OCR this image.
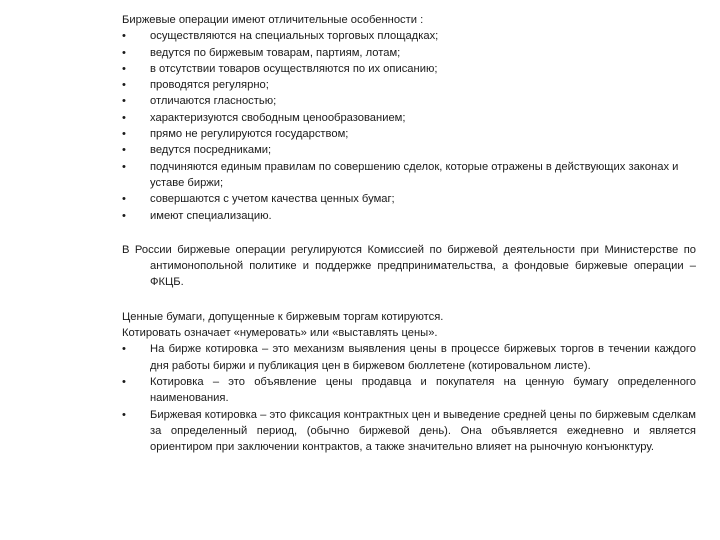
Биржевые операции имеют отличительные особенности :
• осуществляются на специальных торговых площадках;
• ведутся по биржевым товарам, партиям, лотам;
• в отсутствии товаров осуществляются по их описанию;
• проводятся регулярно;
• отличаются гласностью;
• характеризуются свободным ценообразованием;
• прямо не регулируются государством;
• ведутся посредниками;
• подчиняются единым правилам по совершению сделок, которые отражены в действующих законах и уставе биржи;
• совершаются с учетом качества ценных бумаг;
• имеют специализацию.

В России биржевые операции регулируются Комиссией по биржевой деятельности при Министерстве по антимонопольной политике и поддержке предпринимательства, а фондовые биржевые операции – ФКЦБ.

Ценные бумаги, допущенные к биржевым торгам котируются.
Котировать означает «нумеровать» или «выставлять цены».
• На бирже котировка – это механизм выявления цены в процессе биржевых торгов в течении каждого дня работы биржи и публикация цен в биржевом бюллетене (котировальном листе).
• Котировка – это объявление цены продавца и покупателя на ценную бумагу определенного наименования.
• Биржевая котировка – это фиксация контрактных цен и выведение средней цены по биржевым сделкам за определенный период, (обычно биржевой день). Она объявляется ежедневно и является ориентиром при заключении контрактов, а также значительно влияет на рыночную конъюнктуру.
